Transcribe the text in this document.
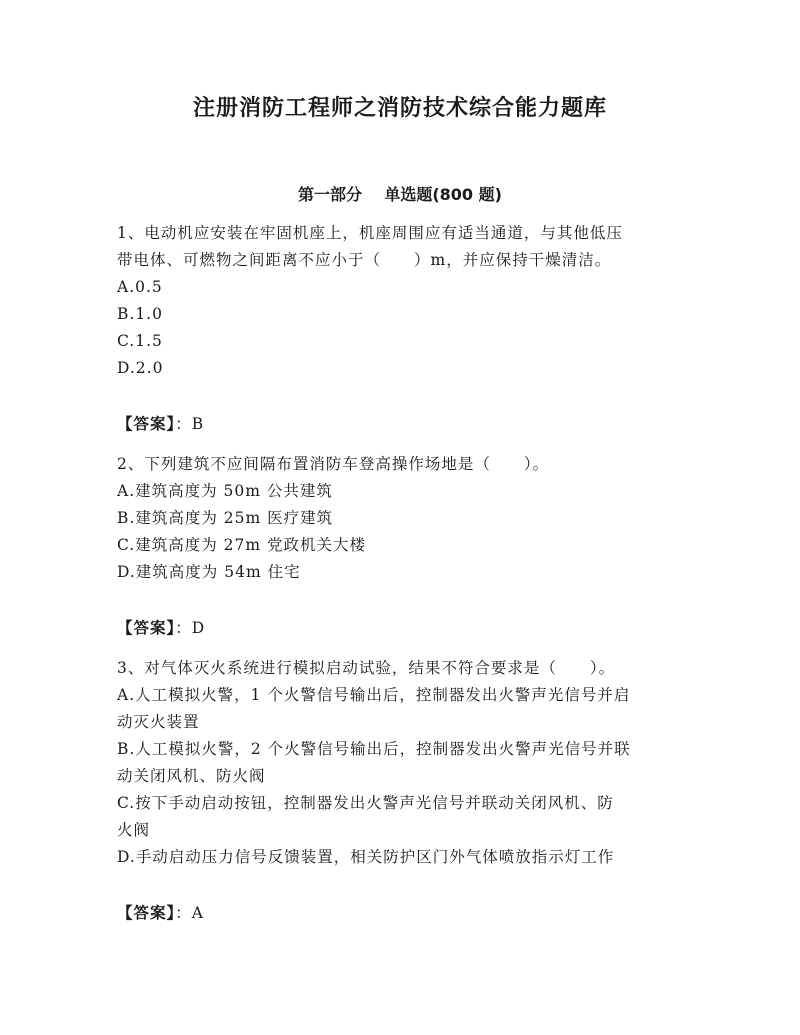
注册消防工程师之消防技术综合能力题库
第一部分    单选题(800 题)
1、电动机应安装在牢固机座上，机座周围应有适当通道，与其他低压
带电体、可燃物之间距离不应小于（　　）m，并应保持干燥清洁。
A.0.5
B.1.0
C.1.5
D.2.0
【答案】：B
2、下列建筑不应间隔布置消防车登高操作场地是（　　）。
A.建筑高度为 50m 公共建筑
B.建筑高度为 25m 医疗建筑
C.建筑高度为 27m 党政机关大楼
D.建筑高度为 54m 住宅
【答案】：D
3、对气体灭火系统进行模拟启动试验，结果不符合要求是（　　）。
A.人工模拟火警，1 个火警信号输出后，控制器发出火警声光信号并启
动灭火装置
B.人工模拟火警，2 个火警信号输出后，控制器发出火警声光信号并联
动关闭风机、防火阀
C.按下手动启动按钮，控制器发出火警声光信号并联动关闭风机、防
火阀
D.手动启动压力信号反馈装置，相关防护区门外气体喷放指示灯工作
【答案】：A
